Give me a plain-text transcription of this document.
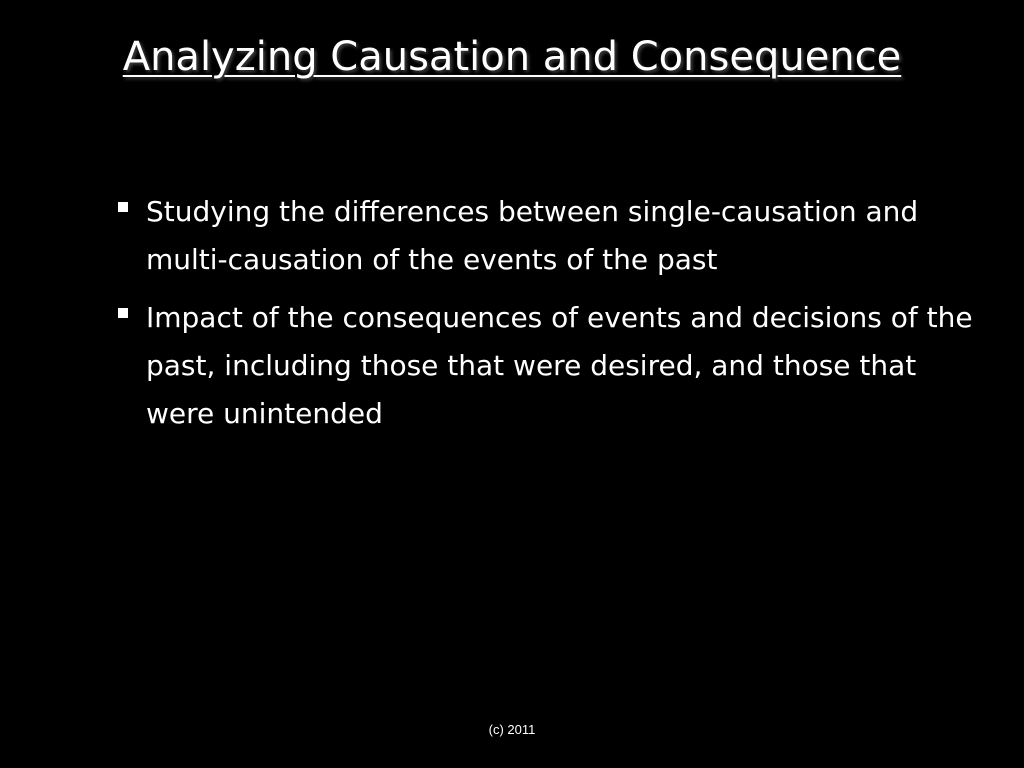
Analyzing Causation and Consequence
Studying the differences between single-causation and multi-causation of the events of the past
Impact of the consequences of events and decisions of the past, including those that were desired, and those that were unintended
(c) 2011
